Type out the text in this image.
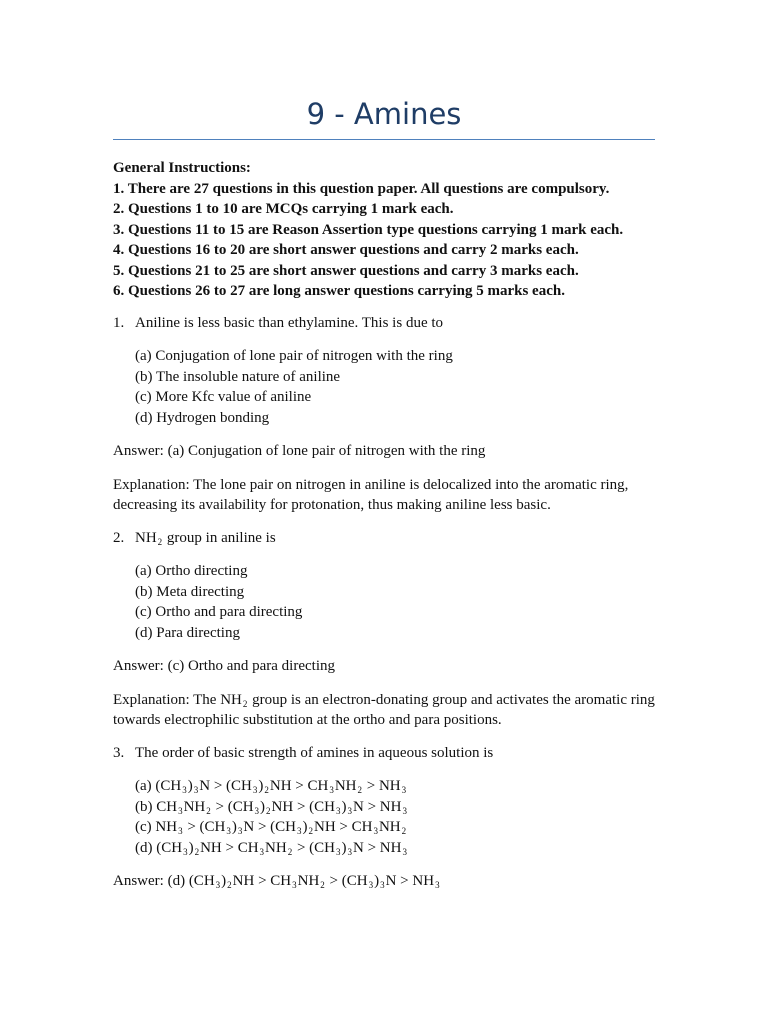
9 - Amines
General Instructions:
1. There are 27 questions in this question paper. All questions are compulsory.
2. Questions 1 to 10 are MCQs carrying 1 mark each.
3. Questions 11 to 15 are Reason Assertion type questions carrying 1 mark each.
4. Questions 16 to 20 are short answer questions and carry 2 marks each.
5. Questions 21 to 25 are short answer questions and carry 3 marks each.
6. Questions 26 to 27 are long answer questions carrying 5 marks each.
1. Aniline is less basic than ethylamine. This is due to
(a) Conjugation of lone pair of nitrogen with the ring
(b) The insoluble nature of aniline
(c) More Kfc value of aniline
(d) Hydrogen bonding
Answer: (a) Conjugation of lone pair of nitrogen with the ring
Explanation: The lone pair on nitrogen in aniline is delocalized into the aromatic ring, decreasing its availability for protonation, thus making aniline less basic.
2. $NH_2$ group in aniline is
(a) Ortho directing
(b) Meta directing
(c) Ortho and para directing
(d) Para directing
Answer: (c) Ortho and para directing
Explanation: The $NH_2$ group is an electron-donating group and activates the aromatic ring towards electrophilic substitution at the ortho and para positions.
3. The order of basic strength of amines in aqueous solution is
(a) $(CH_3)_3N > (CH_3)_2NH > CH_3NH_2 > NH_3$
(b) $CH_3NH_2 > (CH_3)_2NH > (CH_3)_3N > NH_3$
(c) $NH_3 > (CH_3)_3N > (CH_3)_2NH > CH_3NH_2$
(d) $(CH_3)_2NH > CH_3NH_2 > (CH_3)_3N > NH_3$
Answer: (d) $(CH_3)_2NH > CH_3NH_2 > (CH_3)_3N > NH_3$
